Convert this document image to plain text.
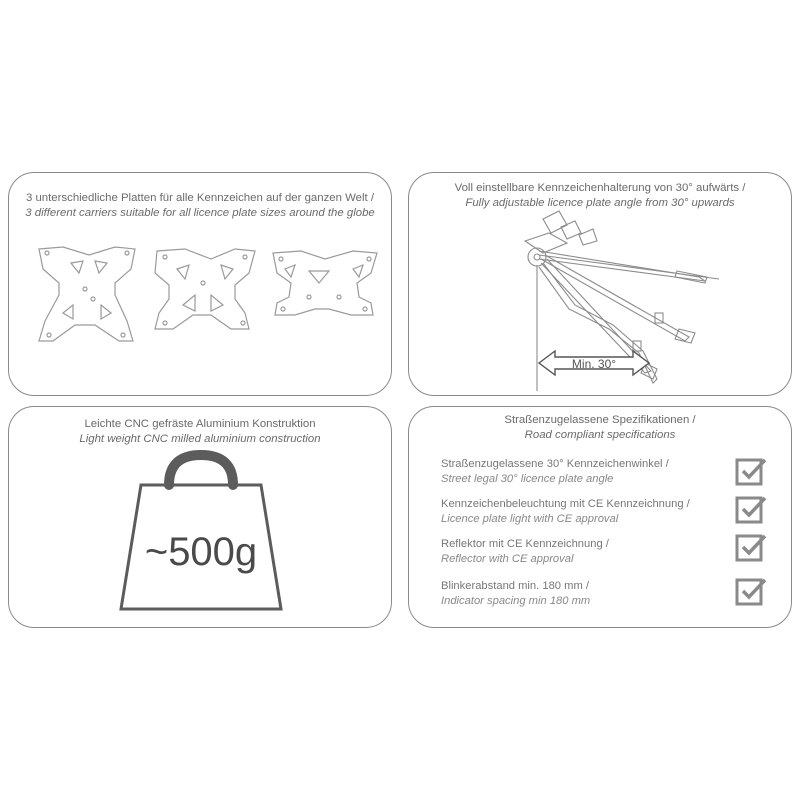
3 unterschiedliche Platten für alle Kennzeichen auf der ganzen Welt /
3 different carriers suitable for all licence plate sizes around the globe
Voll einstellbare Kennzeichenhalterung von 30° aufwärts /
Fully adjustable licence plate angle from 30° upwards
Min. 30°
Leichte CNC gefräste Aluminium Konstruktion
Light weight CNC milled aluminium construction
~500g
Straßenzugelassene Spezifikationen /
Road compliant specifications
Straßenzugelassene 30° Kennzeichenwinkel /
Street legal 30° licence plate angle
Kennzeichenbeleuchtung mit CE Kennzeichnung /
Licence plate light with CE approval
Reflektor mit CE Kennzeichnung /
Reflector with CE approval
Blinkerabstand min. 180 mm /
Indicator spacing min 180 mm
